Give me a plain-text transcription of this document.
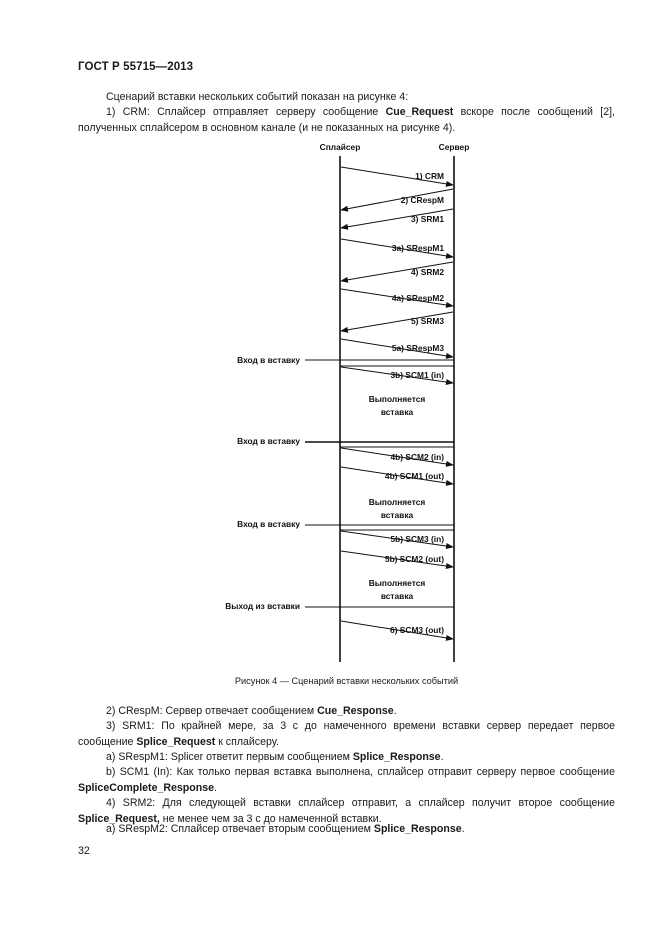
ГОСТ Р 55715—2013
Сценарий вставки нескольких событий показан на рисунке 4:
1) CRM: Сплайсер отправляет серверу сообщение Cue_Request вскоре после сообщений [2], полученных сплайсером в основном канале (и не показанных на рисунке 4).
Сплайсер	Сервер
1) CRM
2) CRespM
3) SRM1
3a) SRespM1
4) SRM2
4a) SRespM2
5) SRM3
5a) SRespM3
3b) SCM1 (in)
4b) SCM2 (in)
4b) SCM1 (out)
5b) SCM3 (in)
5b) SCM2 (out)
6) SCM3 (out)
Вход в вставку
Вход в вставку
Вход в вставку
Выход из вставки
Выполняется
вставка
Выполняется
вставка
Выполняется
вставка
Рисунок 4 — Сценарий вставки нескольких событий
2) CRespM: Сервер отвечает сообщением Cue_Response.
3) SRM1: По крайней мере, за 3 с до намеченного времени вставки сервер передает первое сообщение Splice_Request к сплайсеру.
a) SRespM1: Splicer ответит первым сообщением Splice_Response.
b) SCM1 (In): Как только первая вставка выполнена, сплайсер отправит серверу первое сообщение SpliceComplete_Response.
4) SRM2: Для следующей вставки сплайсер отправит, а сплайсер получит второе сообщение Splice_Request, не менее чем за 3 с до намеченной вставки.
a) SRespM2: Сплайсер отвечает вторым сообщением Splice_Response.
32
